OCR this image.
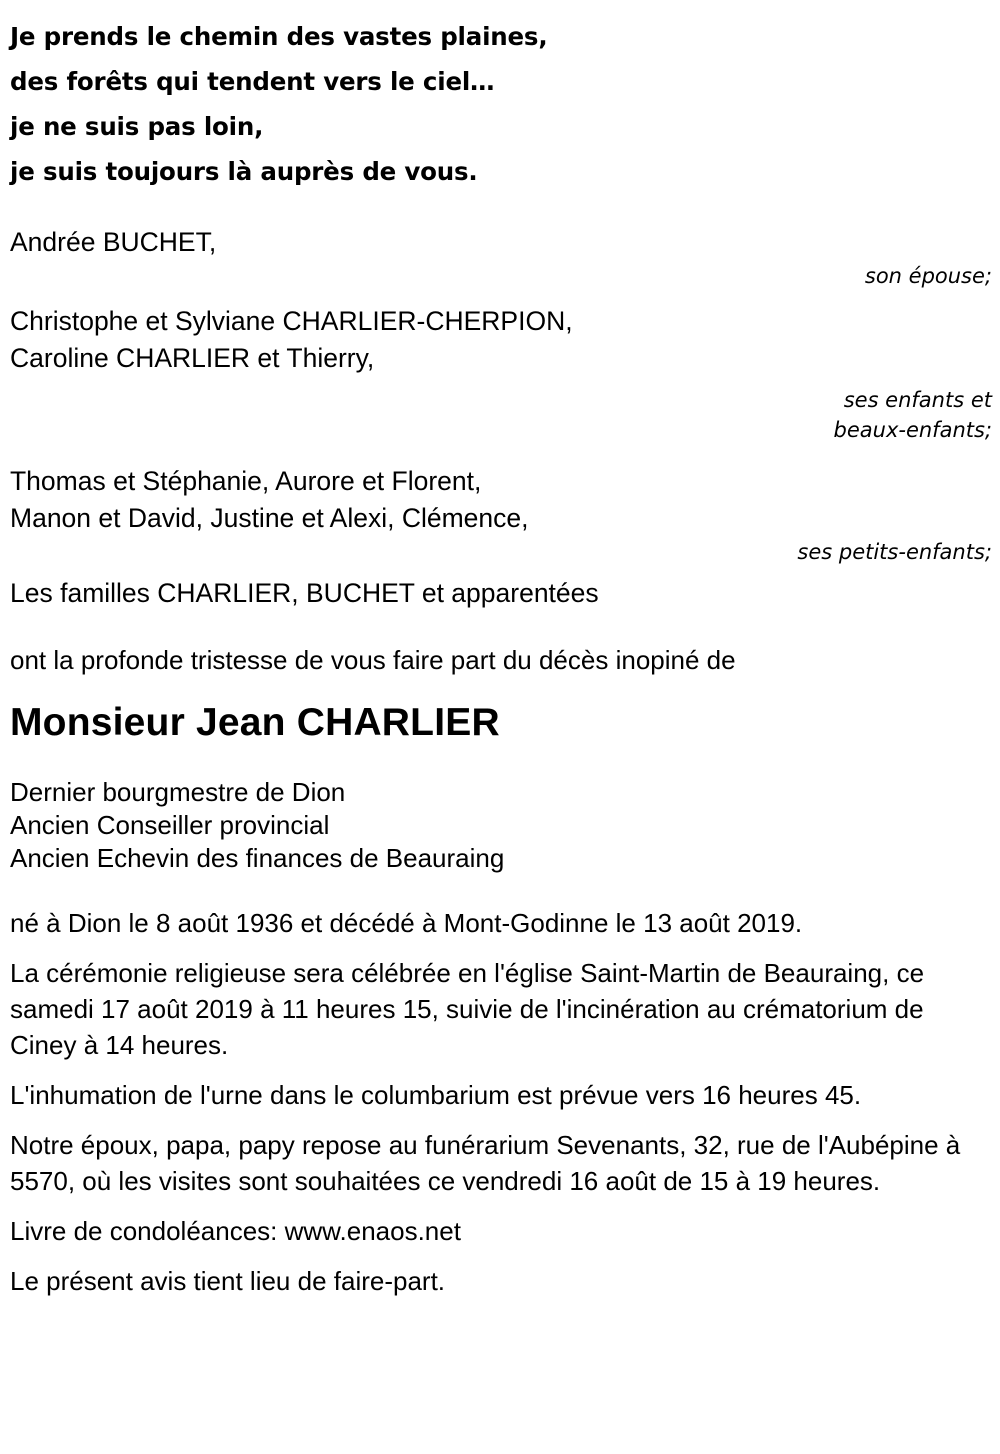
Je prends le chemin des vastes plaines,
des forêts qui tendent vers le ciel…
je ne suis pas loin,
je suis toujours là auprès de vous.
Andrée BUCHET,
son épouse;
Christophe et Sylviane CHARLIER-CHERPION,
Caroline CHARLIER et Thierry,
ses enfants et
beaux-enfants;
Thomas et Stéphanie, Aurore et Florent,
Manon et David, Justine et Alexi, Clémence,
ses petits-enfants;
Les familles CHARLIER, BUCHET et apparentées
ont la profonde tristesse de vous faire part du décès inopiné de
Monsieur Jean CHARLIER
Dernier bourgmestre de Dion
Ancien Conseiller provincial
Ancien Echevin des finances de Beauraing

né à Dion le 8 août 1936 et décédé à Mont-Godinne le 13 août 2019.

La cérémonie religieuse sera célébrée en l'église Saint-Martin de Beauraing, ce samedi 17 août 2019 à 11 heures 15, suivie de l'incinération au crématorium de Ciney à 14 heures.

L'inhumation de l'urne dans le columbarium est prévue vers 16 heures 45.

Notre époux, papa, papy repose au funérarium Sevenants, 32, rue de l'Aubépine à 5570, où les visites sont souhaitées ce vendredi 16 août de 15 à 19 heures.

Livre de condoléances: www.enaos.net

Le présent avis tient lieu de faire-part.
